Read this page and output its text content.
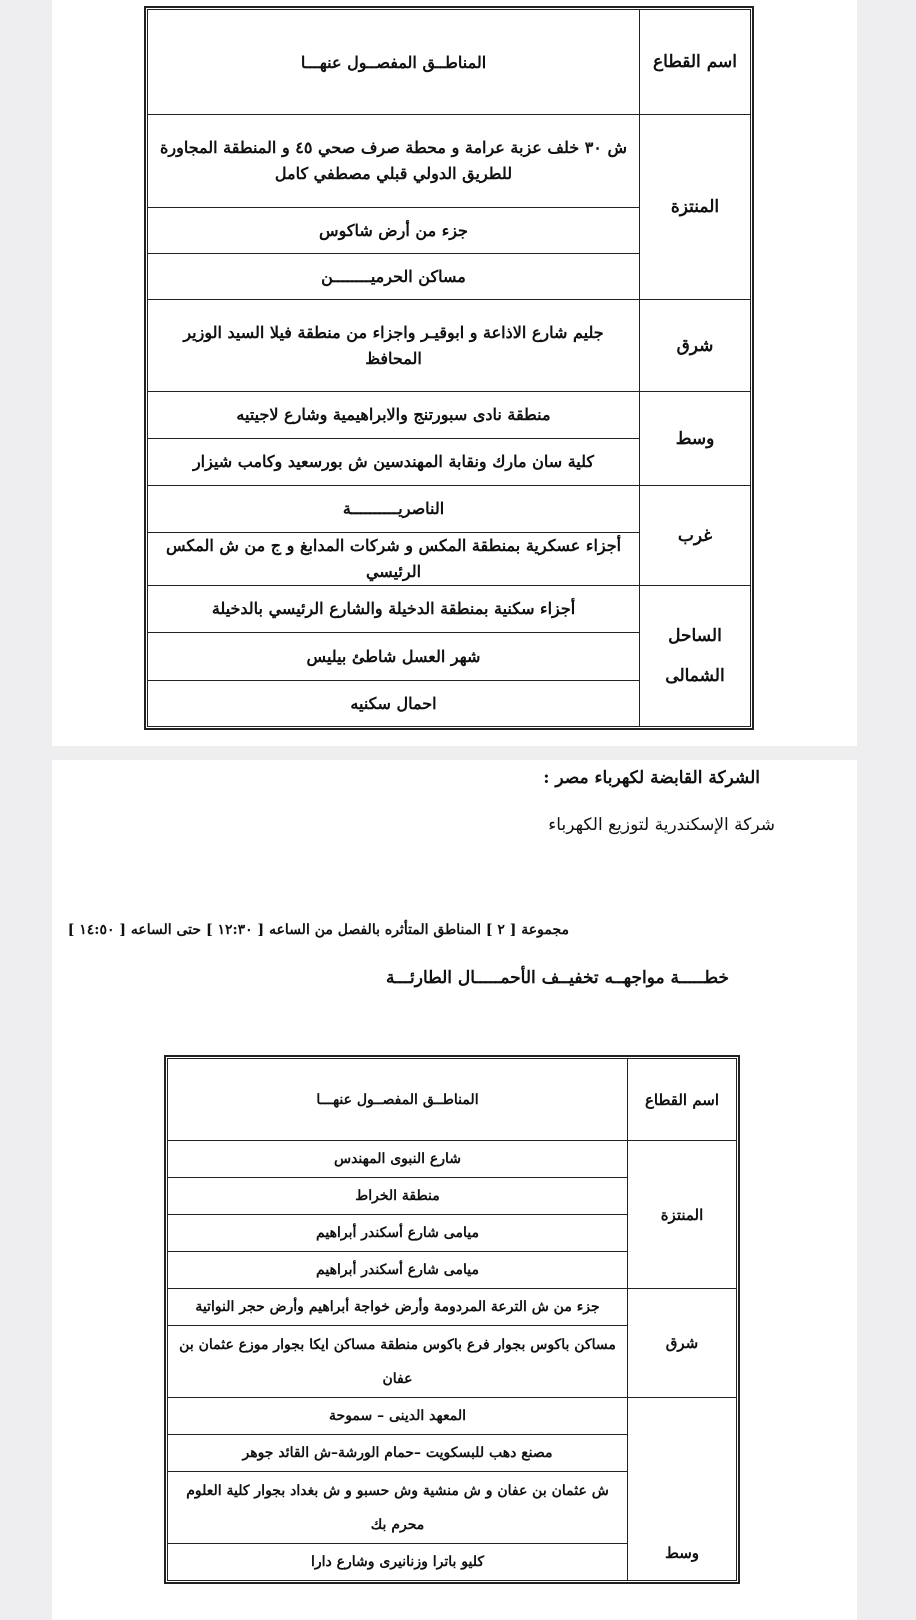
اسم القطاع	المناطــق المفصــول عنهـــا
المنتزة	ش ٣٠ خلف عزبة عرامة و محطة صرف صحي ٤٥ و المنطقة المجاورة للطريق الدولي قبلي مصطفي كامل
	جزء من أرض شاكوس
	مساكن الحرميــــــــن
شرق	جليم شارع الاذاعة و ابوقيـر واجزاء من منطقة فيلا السيد الوزير المحافظ
وسط	منطقة نادى سبورتنج والابراهيمية وشارع لاجيتيه
	كلية سان مارك ونقابة المهندسين ش بورسعيد وكامب شيزار
غرب	الناصريــــــــــة
	أجزاء عسكرية بمنطقة المكس و شركات المدابغ و ج من ش المكس الرئيسي
الساحل الشمالى	أجزاء سكنية بمنطقة الدخيلة والشارع الرئيسي بالدخيلة
	شهر العسل شاطئ بيليس
	احمال سكنيه
الشركة القابضة لكهرباء مصر :
شركة الإسكندرية لتوزيع الكهرباء
مجموعة [ ٢ ] المناطق المتأثره بالفصل من الساعه [ ١٢:٣٠ ] حتى الساعه [ ١٤:٥٠ ]
خطـــــة مواجهــه تخفيــف الأحمـــــال الطارئـــة
اسم القطاع	المناطــق المفصــول عنهـــا
المنتزة	شارع النبوى المهندس
	منطقة الخراط
	ميامى شارع أسكندر أبراهيم
	ميامى شارع أسكندر أبراهيم
شرق	جزء من ش الترعة المردومة وأرض خواجة أبراهيم وأرض حجر النواتية
	مساكن باكوس بجوار فرع باكوس منطقة مساكن ايكا بجوار موزع عثمان بن عفان
وسط	المعهد الدينى – سموحة
	مصنع دهب للبسكويت –حمام الورشة–ش القائد جوهر
	ش عثمان بن عفان و ش منشية وش حسبو و ش بغداد بجوار كلية العلوم محرم بك
	كليو باترا وزنانيرى وشارع دارا
